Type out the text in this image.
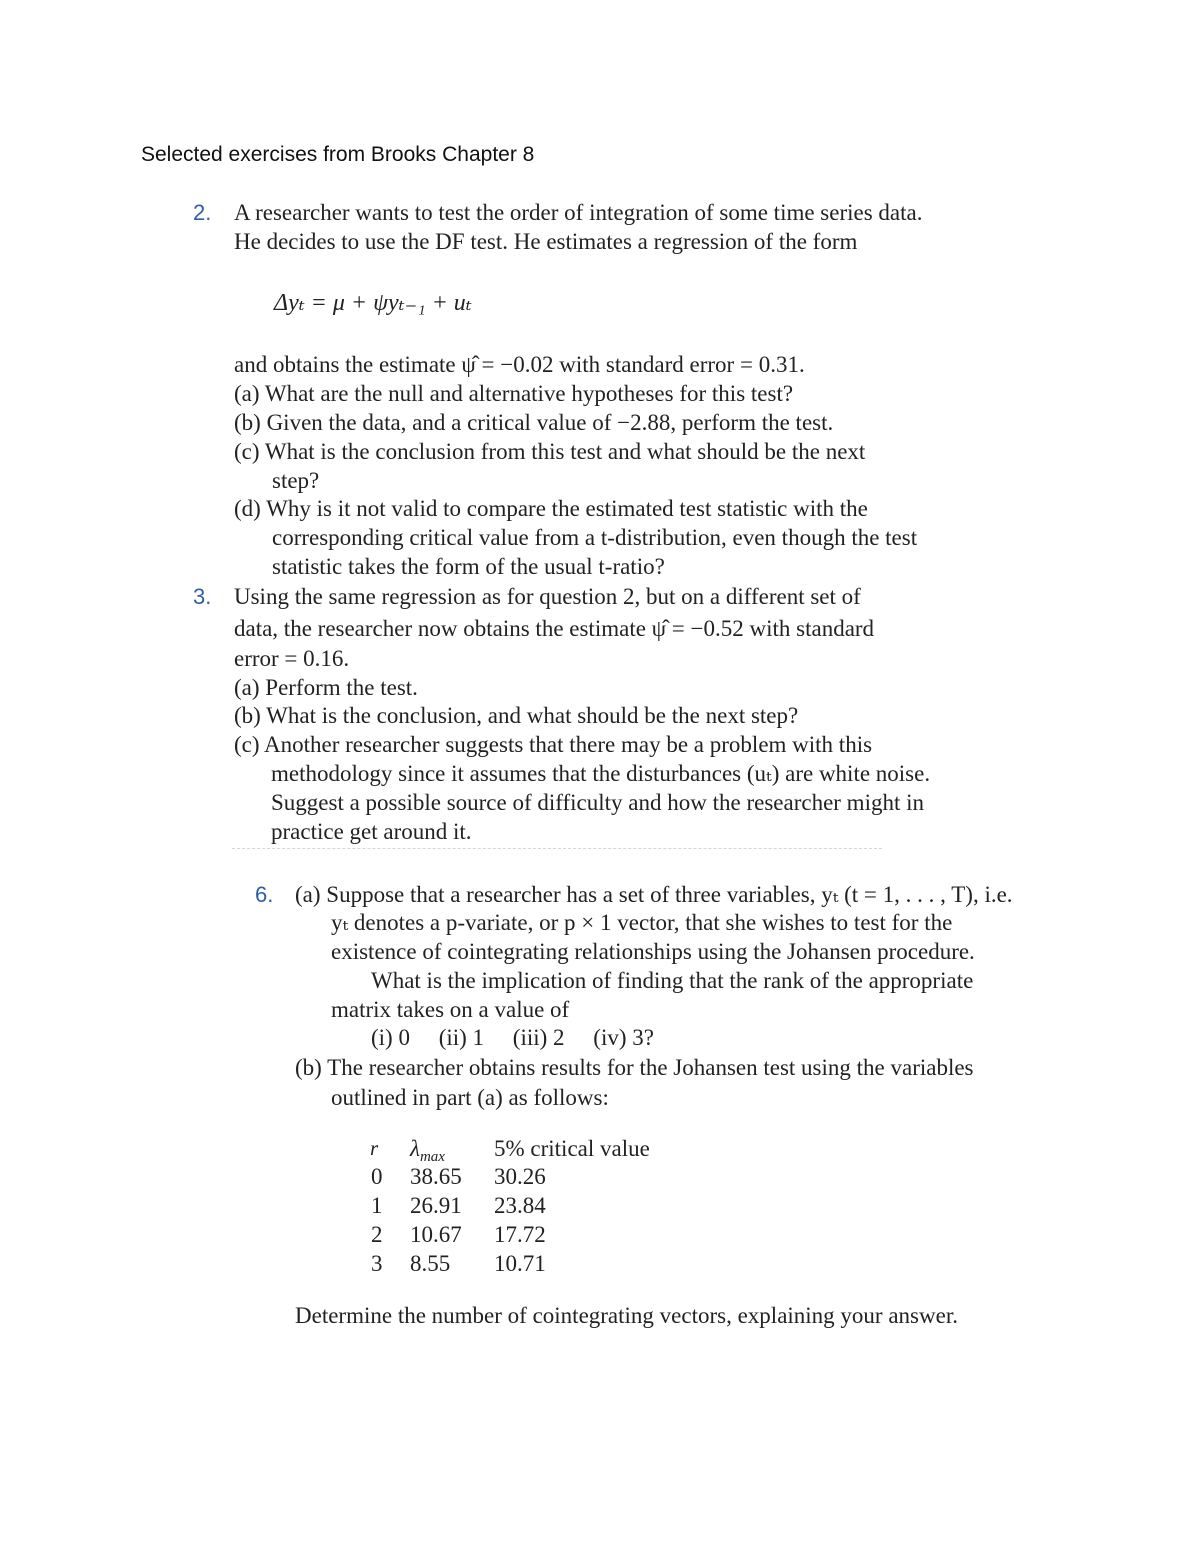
Selected exercises from Brooks Chapter 8
2. A researcher wants to test the order of integration of some time series data.
He decides to use the DF test. He estimates a regression of the form
Δyₜ = μ + ψyₜ₋₁ + uₜ
and obtains the estimate ψ̂ = −0.02 with standard error = 0.31.
(a) What are the null and alternative hypotheses for this test?
(b) Given the data, and a critical value of −2.88, perform the test.
(c) What is the conclusion from this test and what should be the next
step?
(d) Why is it not valid to compare the estimated test statistic with the
corresponding critical value from a t-distribution, even though the test
statistic takes the form of the usual t-ratio?
3. Using the same regression as for question 2, but on a different set of
data, the researcher now obtains the estimate ψ̂ = −0.52 with standard
error = 0.16.
(a) Perform the test.
(b) What is the conclusion, and what should be the next step?
(c) Another researcher suggests that there may be a problem with this
methodology since it assumes that the disturbances (uₜ) are white noise.
Suggest a possible source of difficulty and how the researcher might in
practice get around it.
6. (a) Suppose that a researcher has a set of three variables, yₜ (t = 1, . . . , T), i.e.
yₜ denotes a p-variate, or p × 1 vector, that she wishes to test for the
existence of cointegrating relationships using the Johansen procedure.
What is the implication of finding that the rank of the appropriate
matrix takes on a value of
(i) 0     (ii) 1     (iii) 2     (iv) 3?
(b) The researcher obtains results for the Johansen test using the variables
outlined in part (a) as follows:
r $\lambda_{max}$ 5% critical value
0 38.65 30.26
1 26.91 23.84
2 10.67 17.72
3 8.55 10.71
Determine the number of cointegrating vectors, explaining your answer.
